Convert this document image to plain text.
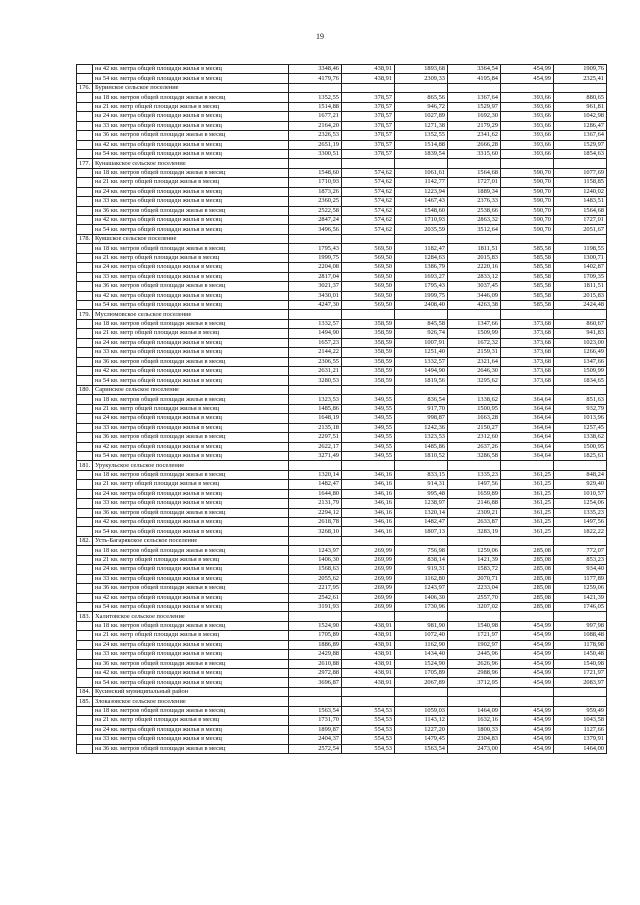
19
	на 42 кв. метра общей площади жилья в месяц	3348,46	438,91	1893,68	3364,54	454,99	1909,76
	на 54 кв. метра общей площади жилья в месяц	4179,76	438,91	2309,33	4195,84	454,99	2325,41
176.	Буринское сельское поселение						
	на 18 кв. метров общей площади жилья в месяц	1352,55	378,57	865,56	1367,64	393,66	880,65
	на 21 кв. метр общей площади жилья в месяц	1514,88	378,57	946,72	1529,97	393,66	961,81
	на 24 кв. метра общей площади жилья в месяц	1677,21	378,57	1027,89	1692,30	393,66	1042,98
	на 33 кв. метра общей площади жилья в месяц	2164,20	378,57	1271,38	2179,29	393,66	1286,47
	на 36 кв. метров общей площади жилья в месяц	2326,53	378,57	1352,55	2341,62	393,66	1367,64
	на 42 кв. метра общей площади жилья в месяц	2651,19	378,57	1514,88	2666,28	393,66	1529,97
	на 54 кв. метра общей площади жилья в месяц	3300,51	378,57	1839,54	3315,60	393,66	1854,63
177.	Кунашакское сельское поселение						
	на 18 кв. метров общей площади жилья в месяц	1548,60	574,62	1061,61	1564,68	590,70	1077,69
	на 21 кв. метр общей площади жилья в месяц	1710,93	574,62	1142,77	1727,01	590,70	1158,85
	на 24 кв. метра общей площади жилья в месяц	1873,26	574,62	1223,94	1889,34	590,70	1240,02
	на 33 кв. метра общей площади жилья в месяц	2360,25	574,62	1467,43	2376,33	590,70	1483,51
	на 36 кв. метров общей площади жилья в месяц	2522,58	574,62	1548,60	2538,66	590,70	1564,68
	на 42 кв. метра общей площади жилья в месяц	2847,24	574,62	1710,93	2863,32	590,70	1727,01
	на 54 кв. метра общей площади жилья в месяц	3496,56	574,62	2035,59	3512,64	590,70	2051,67
178.	Куяшское сельское поселение						
	на 18 кв. метров общей площади жилья в месяц	1795,43	569,50	1182,47	1811,51	585,58	1198,55
	на 21 кв. метр общей площади жилья в месяц	1999,75	569,50	1284,63	2015,83	585,58	1300,71
	на 24 кв. метра общей площади жилья в месяц	2204,08	569,50	1386,79	2220,16	585,58	1402,87
	на 33 кв. метра общей площади жилья в месяц	2817,04	569,50	1693,27	2833,12	585,58	1709,35
	на 36 кв. метров общей площади жилья в месяц	3021,37	569,50	1795,43	3037,45	585,58	1811,51
	на 42 кв. метра общей площади жилья в месяц	3430,01	569,50	1999,75	3446,09	585,58	2015,83
	на 54 кв. метра общей площади жилья в месяц	4247,30	569,50	2408,40	4263,38	585,58	2424,48
179.	Муслюмовское сельское поселение						
	на 18 кв. метров общей площади жилья в месяц	1332,57	358,59	845,58	1347,66	373,68	860,67
	на 21 кв. метр общей площади жилья в месяц	1494,90	358,59	926,74	1509,99	373,68	941,83
	на 24 кв. метра общей площади жилья в месяц	1657,23	358,59	1007,91	1672,32	373,68	1023,00
	на 33 кв. метра общей площади жилья в месяц	2144,22	358,59	1251,40	2159,31	373,68	1266,49
	на 36 кв. метров общей площади жилья в месяц	2306,55	358,59	1332,57	2321,64	373,68	1347,66
	на 42 кв. метра общей площади жилья в месяц	2631,21	358,59	1494,90	2646,30	373,68	1509,99
	на 54 кв. метра общей площади жилья в месяц	3280,53	358,59	1819,56	3295,62	373,68	1834,65
180.	Саринское сельское поселение						
	на 18 кв. метров общей площади жилья в месяц	1323,53	349,55	836,54	1338,62	364,64	851,63
	на 21 кв. метр общей площади жилья в месяц	1485,86	349,55	917,70	1500,95	364,64	932,79
	на 24 кв. метра общей площади жилья в месяц	1648,19	349,55	998,87	1663,28	364,64	1013,96
	на 33 кв. метра общей площади жилья в месяц	2135,18	349,55	1242,36	2150,27	364,64	1257,45
	на 36 кв. метров общей площади жилья в месяц	2297,51	349,55	1323,53	2312,60	364,64	1338,62
	на 42 кв. метра общей площади жилья в месяц	2622,17	349,55	1485,86	2637,26	364,64	1500,95
	на 54 кв. метра общей площади жилья в месяц	3271,49	349,55	1810,52	3286,58	364,64	1825,61
181.	Урукульское сельское поселение						
	на 18 кв. метров общей площади жилья в месяц	1320,14	346,16	833,15	1335,23	361,25	848,24
	на 21 кв. метр общей площади жилья в месяц	1482,47	346,16	914,31	1497,56	361,25	929,40
	на 24 кв. метра общей площади жилья в месяц	1644,80	346,16	995,48	1659,89	361,25	1010,57
	на 33 кв. метра общей площади жилья в месяц	2131,79	346,16	1238,97	2146,88	361,25	1254,06
	на 36 кв. метров общей площади жилья в месяц	2294,12	346,16	1320,14	2309,21	361,25	1335,23
	на 42 кв. метра общей площади жилья в месяц	2618,78	346,16	1482,47	2633,87	361,25	1497,56
	на 54 кв. метра общей площади жилья в месяц	3268,10	346,16	1807,13	3283,19	361,25	1822,22
182.	Усть-Багарякское сельское поселение						
	на 18 кв. метров общей площади жилья в месяц	1243,97	269,99	756,98	1259,06	285,08	772,07
	на 21 кв. метр общей площади жилья в месяц	1406,30	269,99	838,14	1421,39	285,08	853,23
	на 24 кв. метра общей площади жилья в месяц	1568,63	269,99	919,31	1583,72	285,08	934,40
	на 33 кв. метра общей площади жилья в месяц	2055,62	269,99	1162,80	2070,71	285,08	1177,89
	на 36 кв. метров общей площади жилья в месяц	2217,95	269,99	1243,97	2233,04	285,08	1259,06
	на 42 кв. метра общей площади жилья в месяц	2542,61	269,99	1406,30	2557,70	285,08	1421,39
	на 54 кв. метра общей площади жилья в месяц	3191,93	269,99	1730,96	3207,02	285,08	1746,05
183.	Халитовское сельское поселение						
	на 18 кв. метров общей площади жилья в месяц	1524,90	438,91	981,90	1540,98	454,99	997,98
	на 21 кв. метр общей площади жилья в месяц	1705,89	438,91	1072,40	1721,97	454,99	1088,48
	на 24 кв. метра общей площади жилья в месяц	1886,89	438,91	1162,90	1902,97	454,99	1178,98
	на 33 кв. метра общей площади жилья в месяц	2429,88	438,91	1434,40	2445,96	454,99	1450,48
	на 36 кв. метров общей площади жилья в месяц	2610,88	438,91	1524,90	2626,96	454,99	1540,98
	на 42 кв. метра общей площади жилья в месяц	2972,88	438,91	1705,89	2988,96	454,99	1721,97
	на 54 кв. метра общей площади жилья в месяц	3696,87	438,91	2067,89	3712,95	454,99	2083,97
184.	Кусинский муниципальный район						
185.	Злоказовское сельское поселение						
	на 18 кв. метров общей площади жилья в месяц	1563,54	554,53	1059,03	1464,09	454,99	959,49
	на 21 кв. метр общей площади жилья в месяц	1731,70	554,53	1143,12	1632,16	454,99	1043,58
	на 24 кв. метра общей площади жилья в месяц	1899,87	554,53	1227,20	1800,33	454,99	1127,66
	на 33 кв. метра общей площади жилья в месяц	2404,37	554,53	1479,45	2304,83	454,99	1379,91
	на 36 кв. метров общей площади жилья в месяц	2572,54	554,53	1563,54	2473,00	454,99	1464,00
